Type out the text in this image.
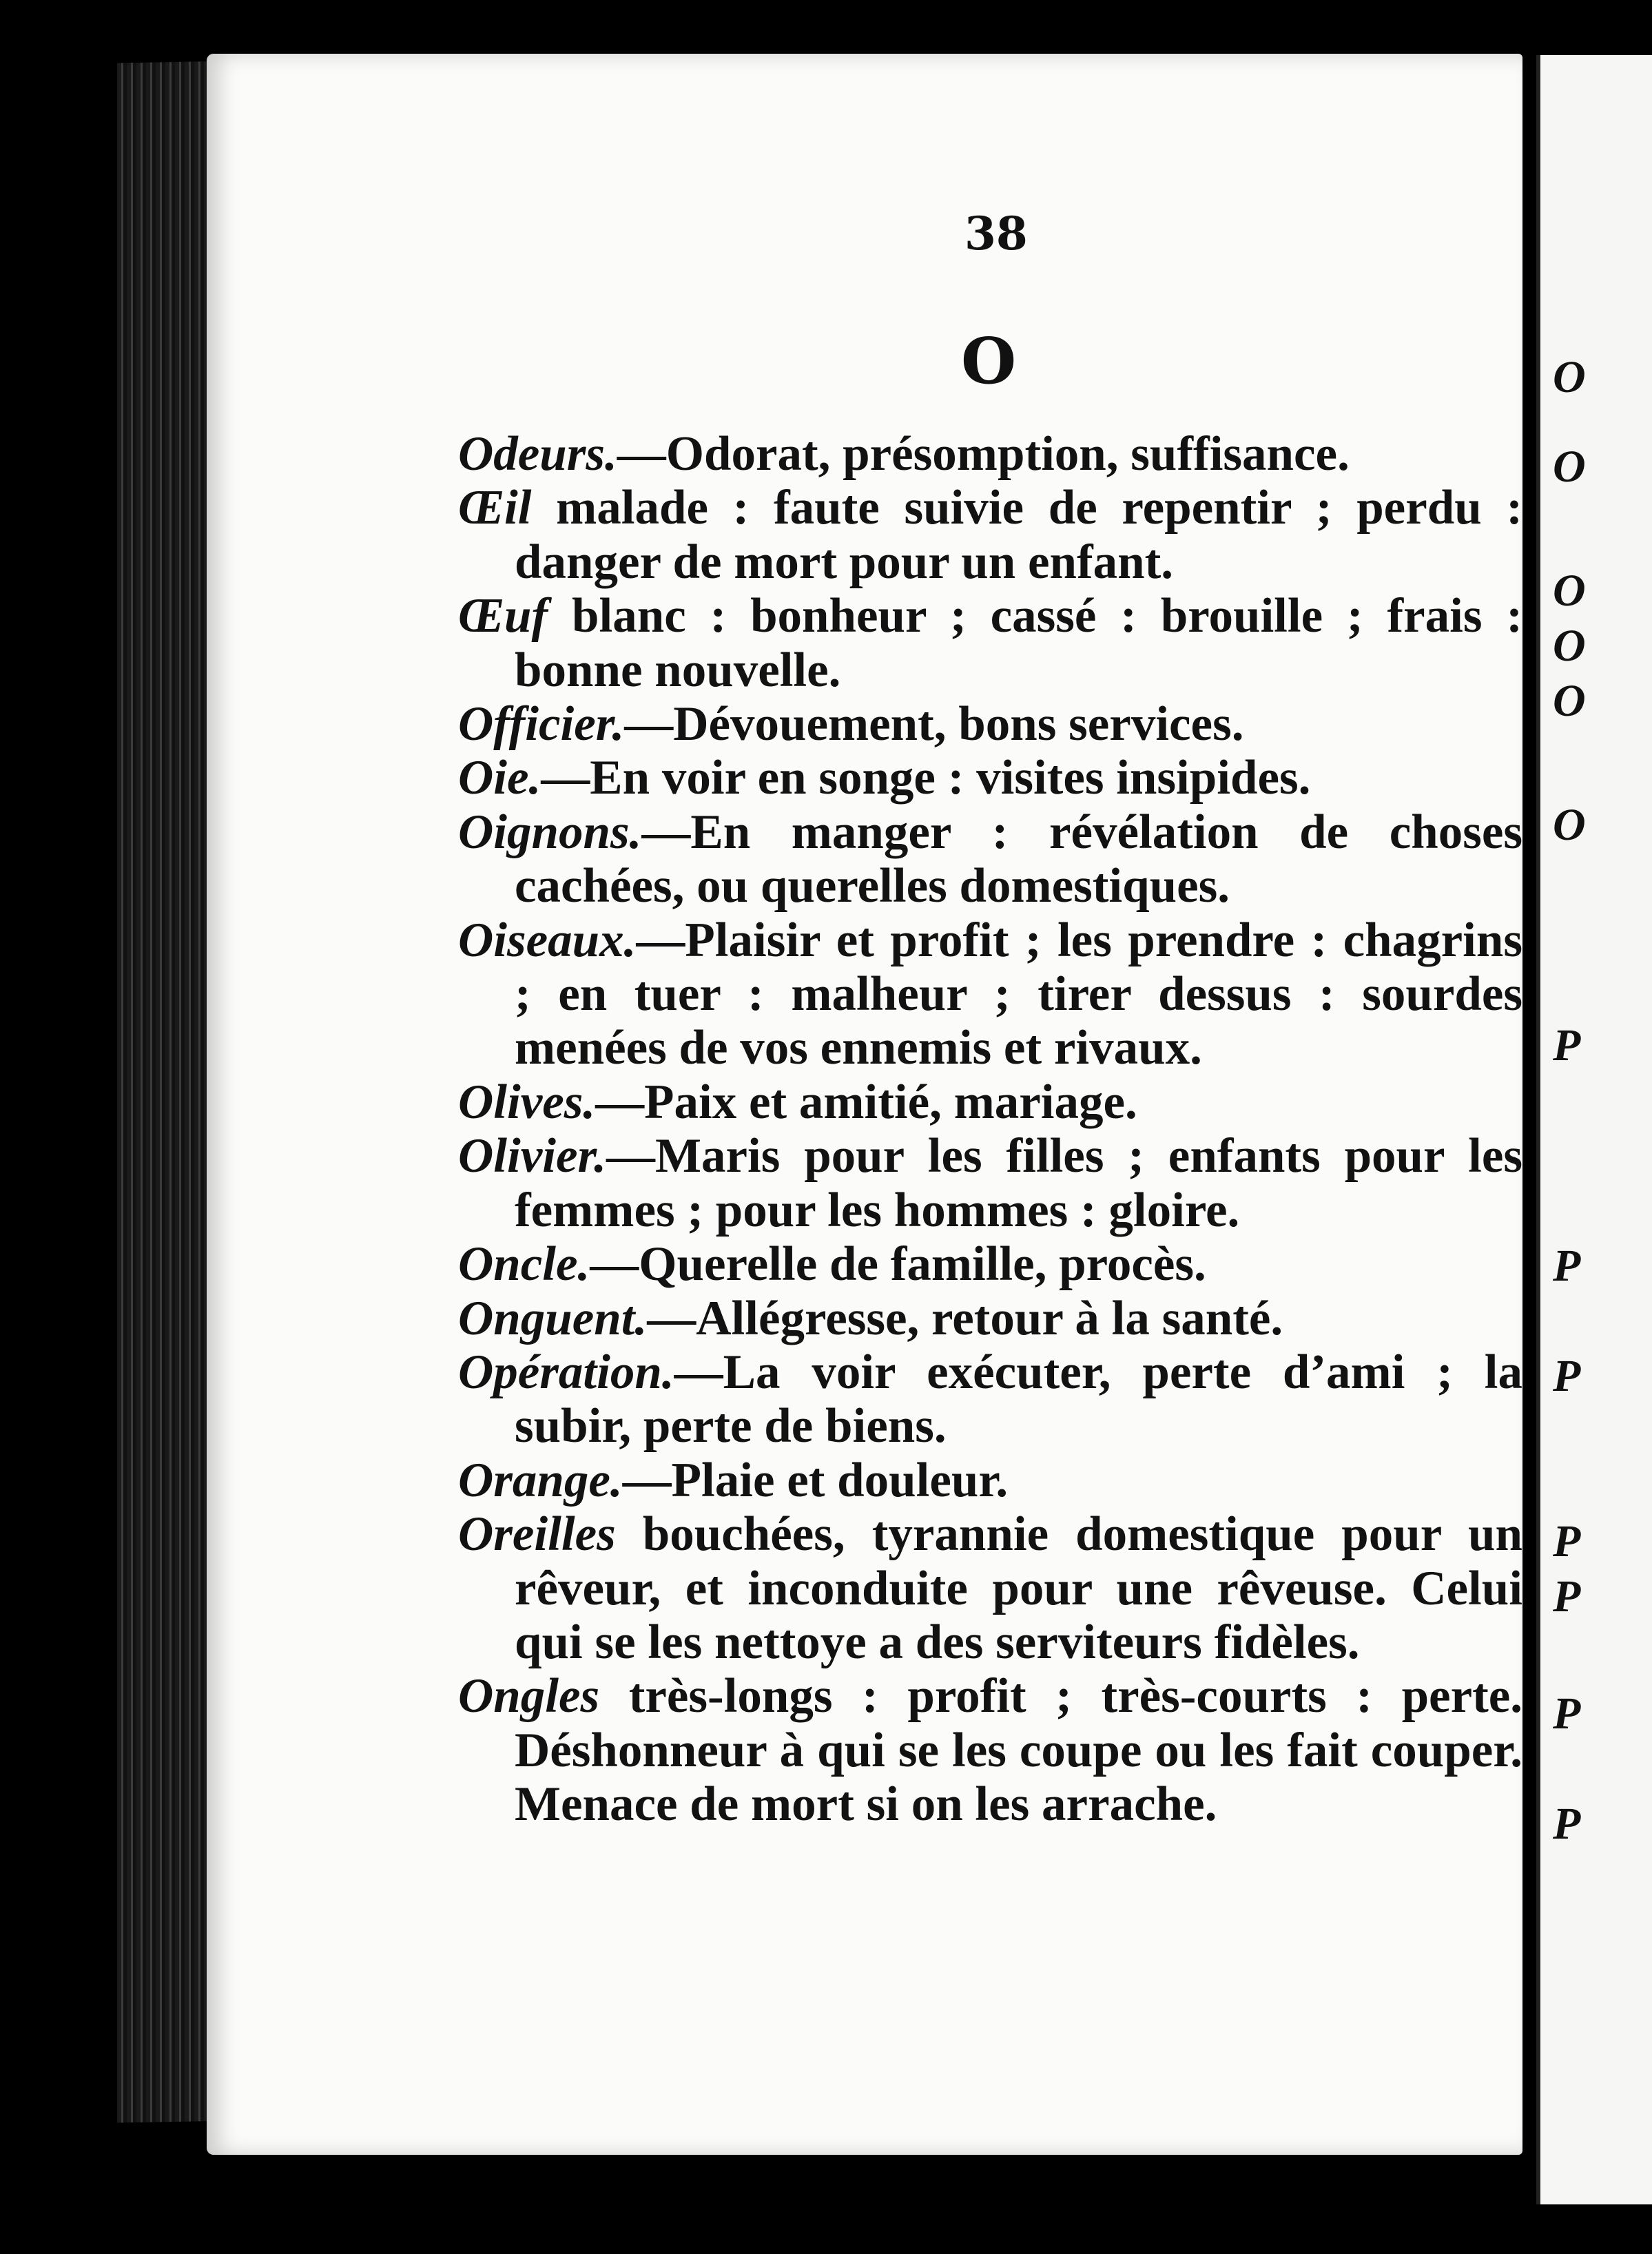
38
O

Odeurs.—Odorat, présomption, suffisance.

Œil malade : faute suivie de repentir ; perdu : danger de mort pour un enfant.

Œuf blanc : bonheur ; cassé : brouille ; frais : bonne nouvelle.

Officier.—Dévouement, bons services.

Oie.—En voir en songe : visites insipides.

Oignons.—En manger : révélation de choses cachées, ou querelles domestiques.

Oiseaux.—Plaisir et profit ; les prendre : chagrins ; en tuer : malheur ; tirer dessus : sourdes menées de vos ennemis et rivaux.

Olives.—Paix et amitié, mariage.

Olivier.—Maris pour les filles ; enfants pour les femmes ; pour les hommes : gloire.

Oncle.—Querelle de famille, procès.

Onguent.—Allégresse, retour à la santé.

Opération.—La voir exécuter, perte d’ami ; la subir, perte de biens.

Orange.—Plaie et douleur.

Oreilles bouchées, tyrannie domestique pour un rêveur, et inconduite pour une rêveuse. Celui qui se les nettoye a des serviteurs fidèles.

Ongles très-longs : profit ; très-courts : perte. Déshonneur à qui se les coupe ou les fait couper. Menace de mort si on les arrache.

O
O
O
O
O
O
P
P
P
P
P
P
P
